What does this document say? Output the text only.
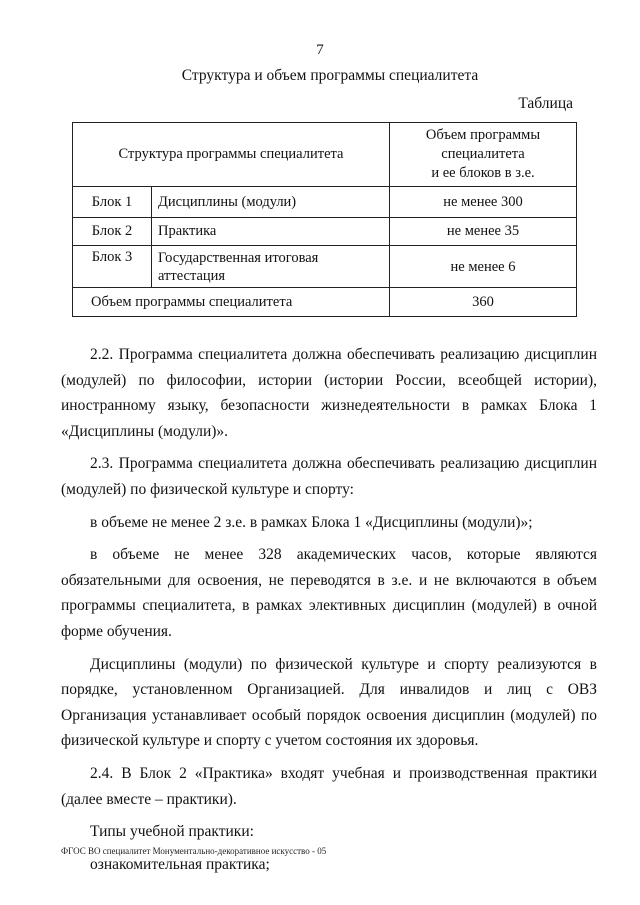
7
Структура и объем программы специалитета
Таблица
Структура программы специалитета		Объем программы
специалитета
и ее блоков в з.е.

Блок 1	Дисциплины (модули)	не менее 300
Блок 2	Практика	не менее 35
Блок 3	Государственная итоговая аттестация	не менее 6
Объем программы специалитета		360

2.2. Программа специалитета должна обеспечивать реализацию дисциплин (модулей) по философии, истории (истории России, всеобщей истории), иностранному языку, безопасности жизнедеятельности в рамках Блока 1 «Дисциплины (модули)».

2.3. Программа специалитета должна обеспечивать реализацию дисциплин (модулей) по физической культуре и спорту:

в объеме не менее 2 з.е. в рамках Блока 1 «Дисциплины (модули)»;

в объеме не менее 328 академических часов, которые являются обязательными для освоения, не переводятся в з.е. и не включаются в объем программы специалитета, в рамках элективных дисциплин (модулей) в очной форме обучения.

Дисциплины (модули) по физической культуре и спорту реализуются в порядке, установленном Организацией. Для инвалидов и лиц с ОВЗ Организация устанавливает особый порядок освоения дисциплин (модулей) по физической культуре и спорту с учетом состояния их здоровья.

2.4. В Блок 2 «Практика» входят учебная и производственная практики (далее вместе – практики).

Типы учебной практики:

ознакомительная практика;

ФГОС ВО специалитет Монументально-декоративное искусство - 05
